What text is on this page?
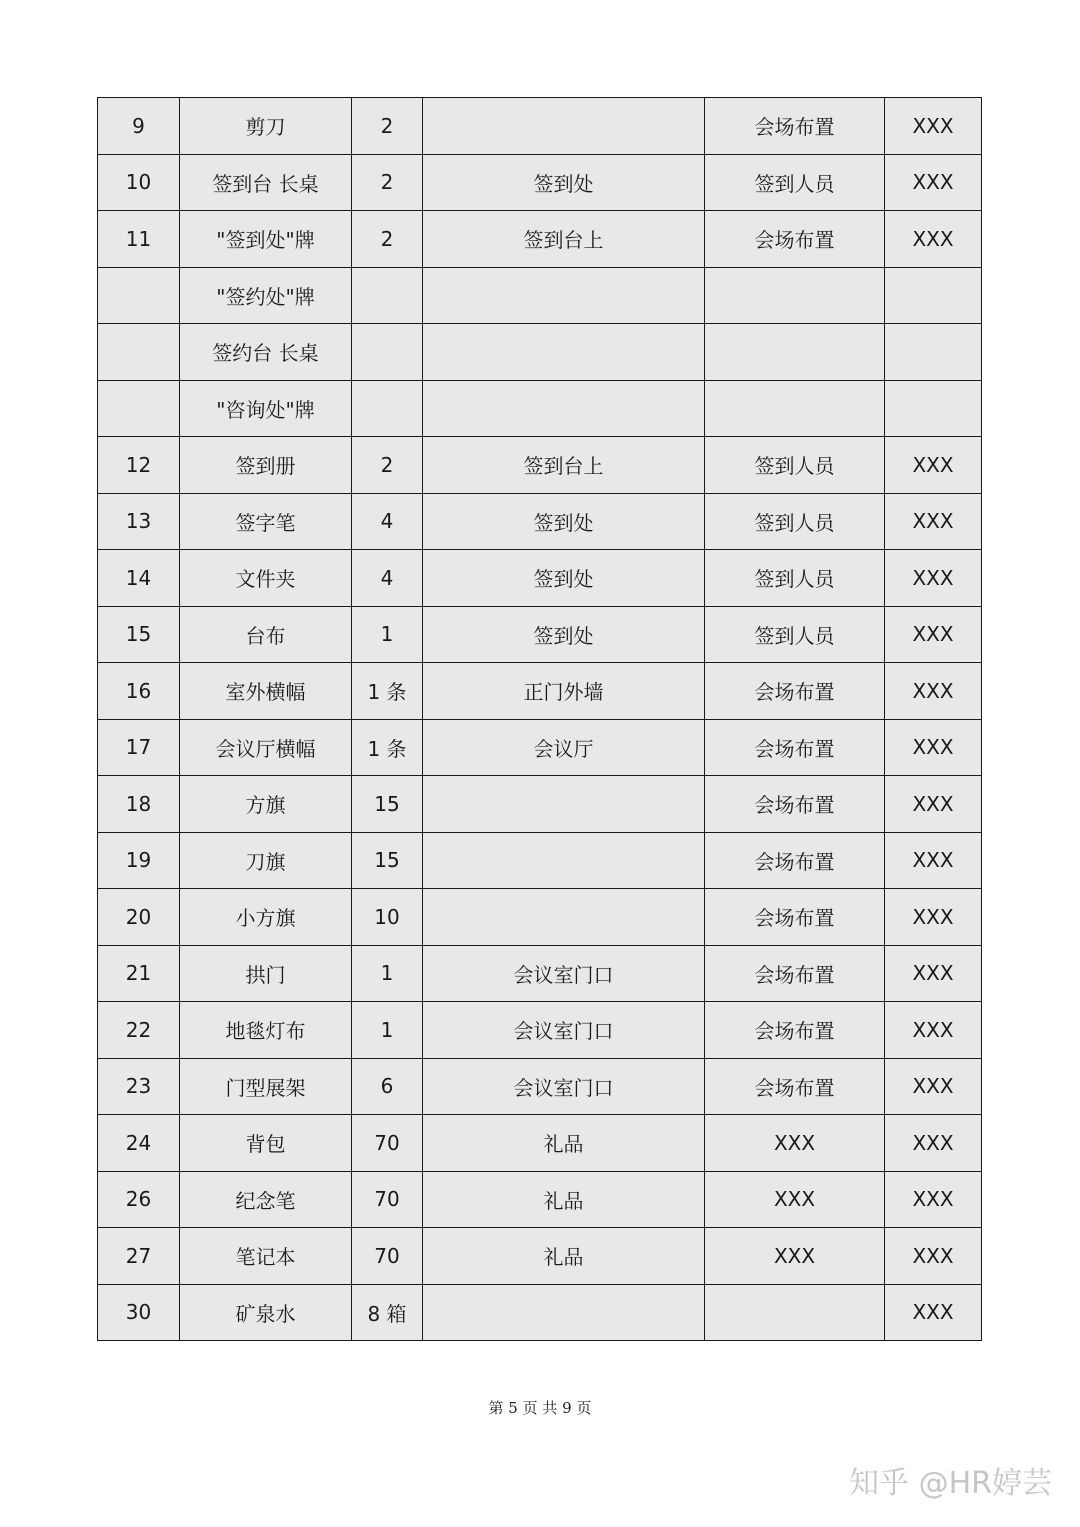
9	剪刀	2		会场布置	XXX
10	签到台 长桌	2	签到处	签到人员	XXX
11	"签到处"牌	2	签到台上	会场布置	XXX
	"签约处"牌				
	签约台 长桌				
	"咨询处"牌				
12	签到册	2	签到台上	签到人员	XXX
13	签字笔	4	签到处	签到人员	XXX
14	文件夹	4	签到处	签到人员	XXX
15	台布	1	签到处	签到人员	XXX
16	室外横幅	1 条	正门外墙	会场布置	XXX
17	会议厅横幅	1 条	会议厅	会场布置	XXX
18	方旗	15		会场布置	XXX
19	刀旗	15		会场布置	XXX
20	小方旗	10		会场布置	XXX
21	拱门	1	会议室门口	会场布置	XXX
22	地毯灯布	1	会议室门口	会场布置	XXX
23	门型展架	6	会议室门口	会场布置	XXX
24	背包	70	礼品	XXX	XXX
26	纪念笔	70	礼品	XXX	XXX
27	笔记本	70	礼品	XXX	XXX
30	矿泉水	8 箱			XXX
第 5 页 共 9 页
知乎 @HR婷芸
